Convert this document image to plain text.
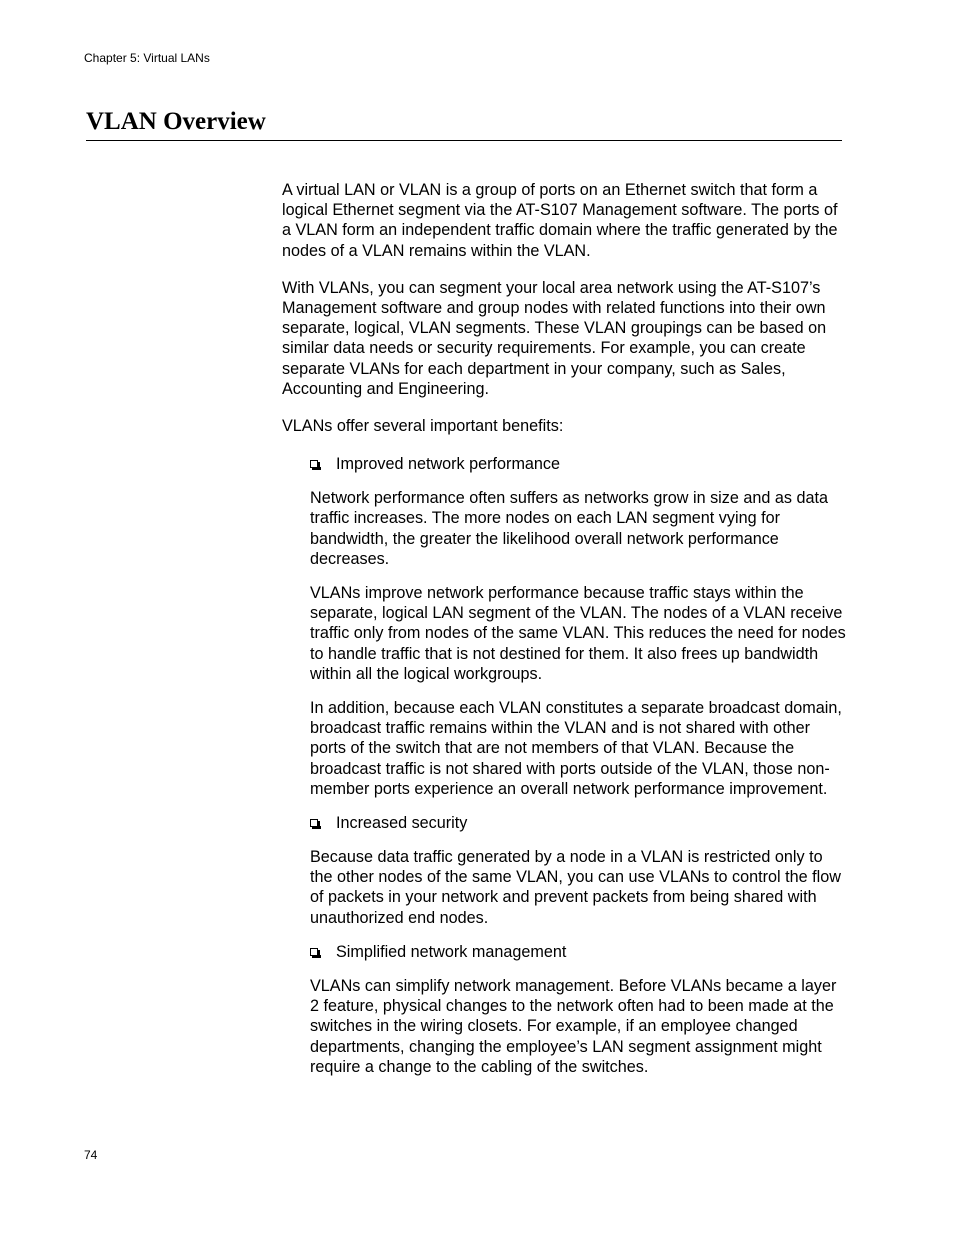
Chapter 5: Virtual LANs
VLAN Overview

A virtual LAN or VLAN is a group of ports on an Ethernet switch that form a logical Ethernet segment via the AT-S107 Management software. The ports of a VLAN form an independent traffic domain where the traffic generated by the nodes of a VLAN remains within the VLAN.

With VLANs, you can segment your local area network using the AT-S107’s Management software and group nodes with related functions into their own separate, logical, VLAN segments. These VLAN groupings can be based on similar data needs or security requirements. For example, you can create separate VLANs for each department in your company, such as Sales, Accounting and Engineering.

VLANs offer several important benefits:

Improved network performance

Network performance often suffers as networks grow in size and as data traffic increases. The more nodes on each LAN segment vying for bandwidth, the greater the likelihood overall network performance decreases.

VLANs improve network performance because traffic stays within the separate, logical LAN segment of the VLAN. The nodes of a VLAN receive traffic only from nodes of the same VLAN. This reduces the need for nodes to handle traffic that is not destined for them. It also frees up bandwidth within all the logical workgroups.

In addition, because each VLAN constitutes a separate broadcast domain, broadcast traffic remains within the VLAN and is not shared with other ports of the switch that are not members of that VLAN. Because the broadcast traffic is not shared with ports outside of the VLAN, those non-member ports experience an overall network performance improvement.

Increased security

Because data traffic generated by a node in a VLAN is restricted only to the other nodes of the same VLAN, you can use VLANs to control the flow of packets in your network and prevent packets from being shared with unauthorized end nodes.

Simplified network management

VLANs can simplify network management. Before VLANs became a layer 2 feature, physical changes to the network often had to been made at the switches in the wiring closets. For example, if an employee changed departments, changing the employee’s LAN segment assignment might require a change to the cabling of the switches.

74
